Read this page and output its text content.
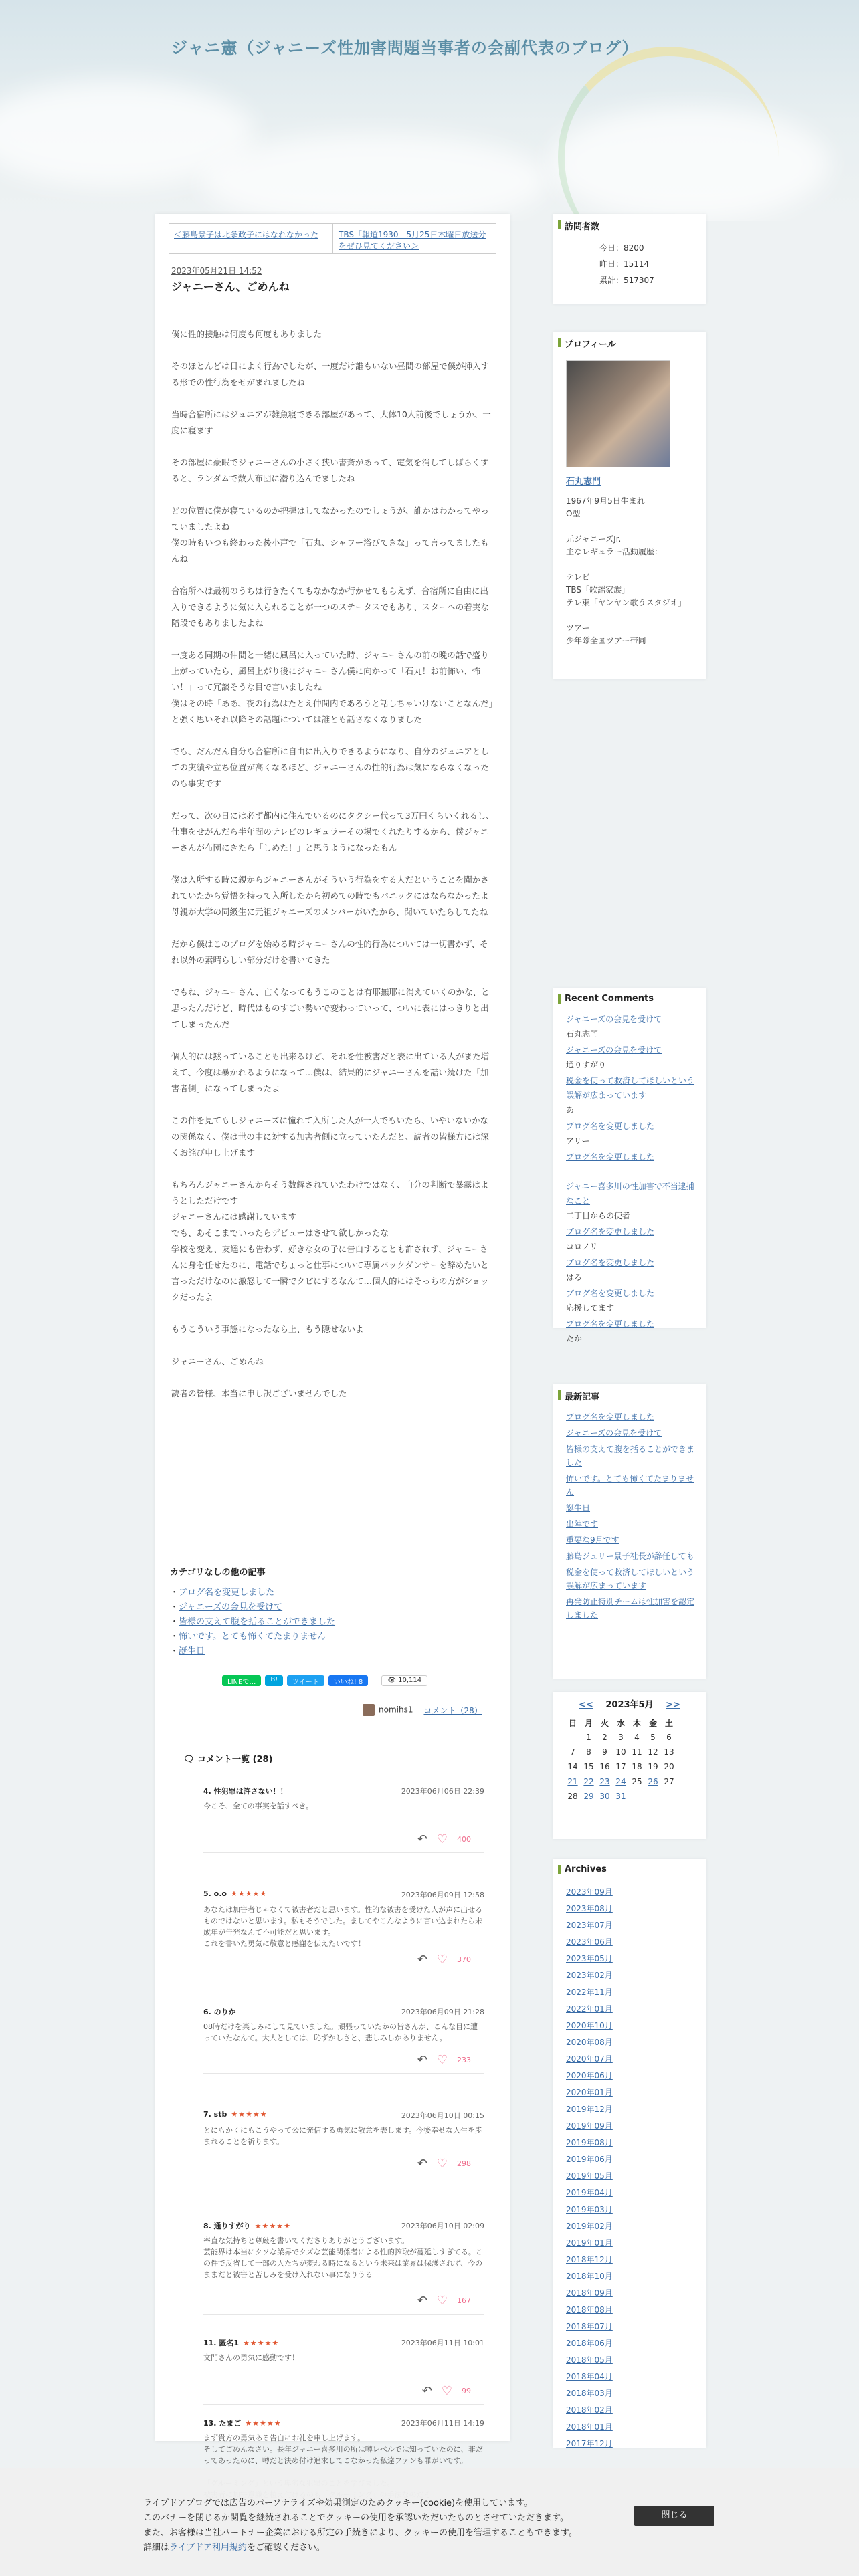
ジャニ憲（ジャニーズ性加害問題当事者の会副代表のブログ）
＜藤島景子は北条政子にはなれなかった	TBS「報道1930」5月25日木曜日放送分をぜひ見てください＞
2023年05月21日 14:52
ジャニーさん、ごめんね

僕に性的接触は何度も何度もありました

そのほとんどは日によく行為でしたが、一度だけ誰もいない昼間の部屋で僕が挿入する形での性行為をせがまれましたね

当時合宿所にはジュニアが雑魚寝できる部屋があって、大体10人前後でしょうか、一度に寝ます

その部屋に豪眠でジャニーさんの小さく狭い書斎があって、電気を消してしばらくすると、ランダムで数人布団に潜り込んでましたね

どの位置に僕が寝ているのか把握はしてなかったのでしょうが、誰かはわかってやっていましたよね
僕の時もいつも終わった後小声で「石丸、シャワー浴びてきな」って言ってましたもんね

合宿所へは最初のうちは行きたくてもなかなか行かせてもらえず、合宿所に自由に出入りできるように気に入られることが一つのステータスでもあり、スターへの着実な階段でもありましたよね

一度ある同期の仲間と一緒に風呂に入っていた時、ジャニーさんの前の晩の話で盛り上がっていたら、風呂上がり後にジャニーさん僕に向かって「石丸！お前怖い、怖い！」って冗談そうな目で言いましたね
僕はその時「ああ、夜の行為はたとえ仲間内であろうと話しちゃいけないことなんだ」と強く思いそれ以降その話題については誰とも話さなくなりました

でも、だんだん自分も合宿所に自由に出入りできるようになり、自分のジュニアとしての実績や立ち位置が高くなるほど、ジャニーさんの性的行為は気にならなくなったのも事実です

だって、次の日には必ず都内に住んでいるのにタクシー代って3万円くらいくれるし、仕事をせがんだら半年間のテレビのレギュラーその場でくれたりするから、僕ジャニーさんが布団にきたら「しめた！」と思うようになったもん

僕は入所する時に親からジャニーさんがそういう行為をする人だということを聞かされていたから覚悟を持って入所したから初めての時でもパニックにはならなかったよ
母親が大学の同級生に元祖ジャニーズのメンバーがいたから、聞いていたらしてたね

だから僕はこのブログを始める時ジャニーさんの性的行為については一切書かず、それ以外の素晴らしい部分だけを書いてきた

でもね、ジャニーさん、亡くなってもうこのことは有耶無耶に消えていくのかな、と思ったんだけど、時代はものすごい勢いで変わっていって、ついに表にはっきりと出てしまったんだ

個人的には黙っていることも出来るけど、それを性被害だと表に出ている人がまた増えて、今度は暴かれるようになって…僕は、結果的にジャニーさんを詰い続けた「加害者側」になってしまったよ

この件を見てもしジャニーズに憧れて入所した人が一人でもいたら、いやいないかなの関係なく、僕は世の中に対する加害者側に立っていたんだと、読者の皆様方には深くお詫び申し上げます

もちろんジャニーさんからそう数解されていたわけではなく、自分の判断で暴露はようとしただけです
ジャニーさんには感謝しています
でも、あそこまでいったらデビューはさせて欲しかったな
学校を変え、友達にも告わず、好きな女の子に告白することも許されず、ジャニーさんに身を任せたのに、電話でちょっと仕事について専属バックダンサーを辞めたいと言っただけなのに激怒して一瞬でクビにするなんて…個人的にはそっちの方がショックだったよ

もうこういう事態になったなら上、もう隠せないよ

ジャニーさん、ごめんね

読者の皆様、本当に申し訳ございませんでした

カテゴリなしの他の記事
・ ブログ名を変更しました
・ ジャニーズの会見を受けて
・ 皆様の支えて腹を括ることができました
・ 怖いです。とても怖くてたまりません
・ 誕生日
LINEで…	B!	ツイート	いいね! 8	👁 10,114
nomihs1 コメント（28）
🗨 コメント一覧 (28)
4. 性犯罪は許さない！！	2023年06月06日 22:39
今こそ、全ての事実を話すべき。
↶ ♡ 400
5. o.o ★★★★★	2023年06月09日 12:58
あなたは加害者じゃなくて被害者だと思います。性的な被害を受けた人が声に出せるものではないと思います。私もそうでした。ましてやこんなように言い込まれたら未成年が告発なんて不可能だと思います。
これを書いた勇気に敬意と感謝を伝えたいです！
↶ ♡ 370
6. のりか	2023年06月09日 21:28
08時だけを楽しみにして見ていました。頑張っていたかの皆さんが、こんな目に遭っていたなんて。大人としては、恥ずかしさと、悲しみしかありません。
↶ ♡ 233
7. stb ★★★★★	2023年06月10日 00:15
とにもかくにもこうやって公に発信する勇気に敬意を表します。今後幸せな人生を歩まれることを祈ります。
↶ ♡ 298
8. 通りすがり ★★★★★	2023年06月10日 02:09
率直な気持ちと尊厳を書いてくださりありがとうございます。
芸能界は本当にクソな業界でクズな芸能関係者による性的搾取が蔓延しすぎてる。この件で反省して一部の人たちが変わる時になるという未来は業界は保護されず、今のままだと被害と苦しみを受け入れない事になりうる
↶ ♡ 167
11. 匿名1 ★★★★★	2023年06月11日 10:01
文門さんの勇気に感動です！
↶ ♡ 99
13. たまご ★★★★★	2023年06月11日 14:19
まず貴方の勇気ある告白にお礼を申し上げます。
そしてごめんなさい。長年ジャニー喜多川の所は噂レベルでは知っていたのに、非だってあったのに、噂だと決め付け追求してこなかった私達ファンも罪がいです。

訪問者数
今日：8200
昨日：15114
累計：517307
プロフィール
石丸志門
1967年9月5日生まれ
O型

元ジャニーズJr.
主なレギュラー活動履歴：

テレビ
TBS「歌謡家族」
テレ東「ヤンヤン歌うスタジオ」

ツアー
少年隊全国ツアー帯同
Recent Comments
ジャニーズの会見を受けて
石丸志門
ジャニーズの会見を受けて
通りすがり
税金を使って救済してほしいという誤解が広まっています
あ
ブログ名を変更しました
アリー
ブログ名を変更しました
ジャニー喜多川の性加害で不当逮捕なこと
二丁目からの使者
ブログ名を変更しました
コロノリ
ブログ名を変更しました
はる
ブログ名を変更しました
応援してます
ブログ名を変更しました
たか
最新記事
ブログ名を変更しました
ジャニーズの会見を受けて
皆様の支えて腹を括ることができました
怖いです。とても怖くてたまりません
誕生日
出陣です
重要な9月です
藤島ジュリー景子社長が辞任しても
税金を使って救済してほしいという誤解が広まっています
再発防止特別チームは性加害を認定しました
<< 2023年5月 >>
日	月	火	水	木	金	土
	1	2	3	4	5	6
7	8	9	10	11	12	13
14	15	16	17	18	19	20
21	22	23	24	25	26	27
28	29	30	31			
Archives
2023年09月
2023年08月
2023年07月
2023年06月
2023年05月
2023年02月
2022年11月
2022年01月
2020年10月
2020年08月
2020年07月
2020年06月
2020年01月
2019年12月
2019年09月
2019年08月
2019年06月
2019年05月
2019年04月
2019年03月
2019年02月
2019年01月
2018年12月
2018年10月
2018年09月
2018年08月
2018年07月
2018年06月
2018年05月
2018年04月
2018年03月
2018年02月
2018年01月
2017年12月
ライブドアブログでは広告のパーソナライズや効果測定のためクッキー(cookie)を使用しています。
このバナーを閉じるか閲覧を継続されることでクッキーの使用を承認いただいたものとさせていただきます。
また、お客様は当社パートナー企業における所定の手続きにより、クッキーの使用を管理することもできます。
詳細はライブドア利用規約をご確認ください。
閉じる
